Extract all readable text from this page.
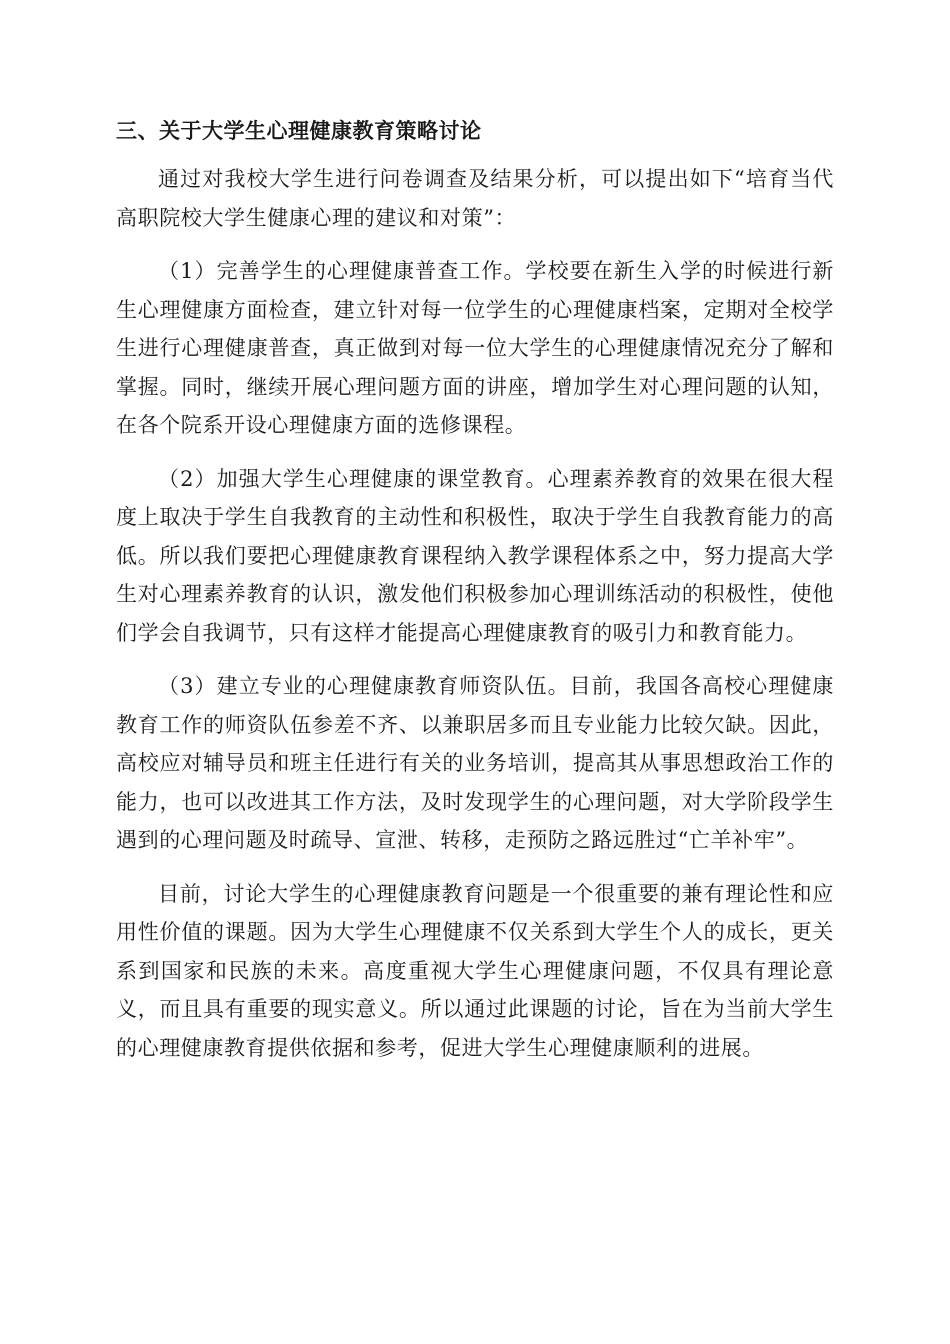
三、关于大学生心理健康教育策略讨论

通过对我校大学生进行问卷调查及结果分析，可以提出如下“培育当代高职院校大学生健康心理的建议和对策”：

（1）完善学生的心理健康普查工作。学校要在新生入学的时候进行新生心理健康方面检查，建立针对每一位学生的心理健康档案，定期对全校学生进行心理健康普查，真正做到对每一位大学生的心理健康情况充分了解和掌握。同时，继续开展心理问题方面的讲座，增加学生对心理问题的认知，在各个院系开设心理健康方面的选修课程。

（2）加强大学生心理健康的课堂教育。心理素养教育的效果在很大程度上取决于学生自我教育的主动性和积极性，取决于学生自我教育能力的高低。所以我们要把心理健康教育课程纳入教学课程体系之中，努力提高大学生对心理素养教育的认识，激发他们积极参加心理训练活动的积极性，使他们学会自我调节，只有这样才能提高心理健康教育的吸引力和教育能力。

（3）建立专业的心理健康教育师资队伍。目前，我国各高校心理健康教育工作的师资队伍参差不齐、以兼职居多而且专业能力比较欠缺。因此，高校应对辅导员和班主任进行有关的业务培训，提高其从事思想政治工作的能力，也可以改进其工作方法，及时发现学生的心理问题，对大学阶段学生遇到的心理问题及时疏导、宣泄、转移，走预防之路远胜过“亡羊补牢”。

目前，讨论大学生的心理健康教育问题是一个很重要的兼有理论性和应用性价值的课题。因为大学生心理健康不仅关系到大学生个人的成长，更关系到国家和民族的未来。高度重视大学生心理健康问题，不仅具有理论意义，而且具有重要的现实意义。所以通过此课题的讨论，旨在为当前大学生的心理健康教育提供依据和参考，促进大学生心理健康顺利的进展。
